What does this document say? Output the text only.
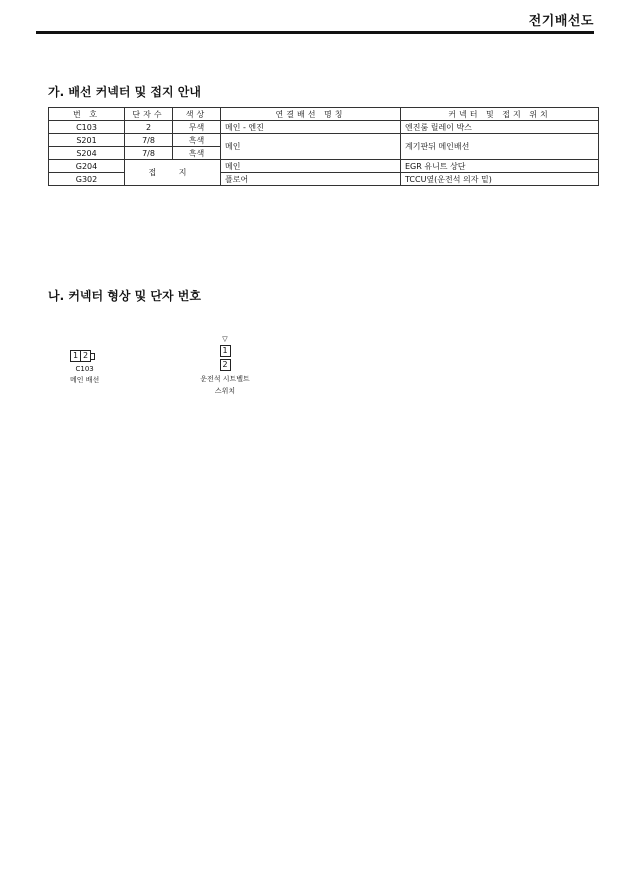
전기배선도
가. 배선 커넥터 및 접지 안내
번 호	단자수	색상	연결배선 명칭	커넥터 및 접지 위치
C103	2	무색	메인 - 엔진	엔진룸 릴레이 박스
S201	7/8	흑색	메인	계기판뒤 메인배선
S204	7/8	흑색		
G204	접 지		메인	EGR 유니트 상단
G302			플로어	TCCU옆(운전석 의자 밑)
나. 커넥터 형상 및 단자 번호
1 2
C103
메인 배선
▽
1
2
운전석 시트벨트
스위치
